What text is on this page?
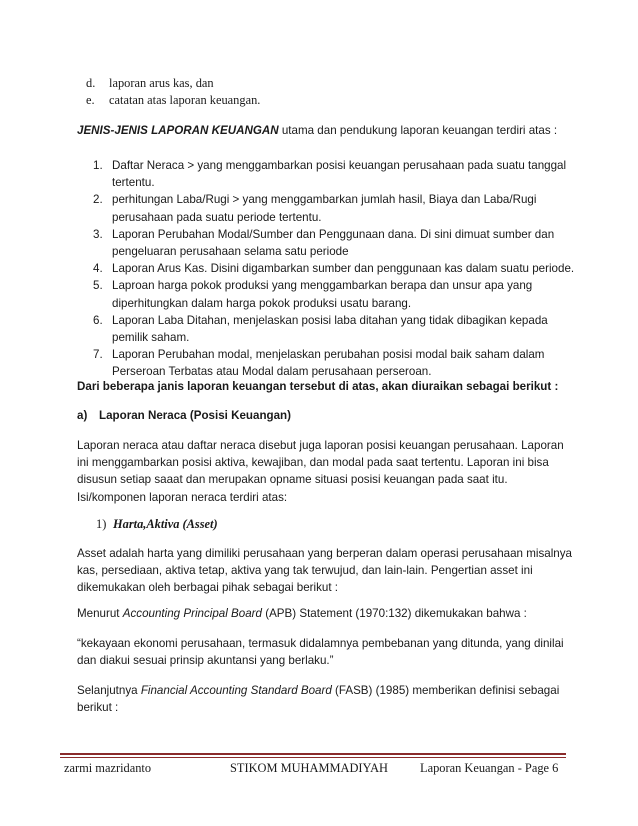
d. laporan arus kas, dan
e. catatan atas laporan keuangan.
JENIS-JENIS LAPORAN KEUANGAN utama dan pendukung laporan keuangan terdiri atas :
1. Daftar Neraca > yang menggambarkan posisi keuangan perusahaan pada suatu tanggal
tertentu.
2. perhitungan Laba/Rugi > yang menggambarkan jumlah hasil, Biaya dan Laba/Rugi
perusahaan pada suatu periode tertentu.
3. Laporan Perubahan Modal/Sumber dan Penggunaan dana. Di sini dimuat sumber dan
pengeluaran perusahaan selama satu periode
4. Laporan Arus Kas. Disini digambarkan sumber dan penggunaan kas dalam suatu periode.
5. Laproan harga pokok produksi yang menggambarkan berapa dan unsur apa yang
diperhitungkan dalam harga pokok produksi usatu barang.
6. Laporan Laba Ditahan, menjelaskan posisi laba ditahan yang tidak dibagikan kepada
pemilik saham.
7. Laporan Perubahan modal, menjelaskan perubahan posisi modal baik saham dalam
Perseroan Terbatas atau Modal dalam perusahaan perseroan.
Dari beberapa janis laporan keuangan tersebut di atas, akan diuraikan sebagai berikut :
a) Laporan Neraca (Posisi Keuangan)
Laporan neraca atau daftar neraca disebut juga laporan posisi keuangan perusahaan. Laporan
ini menggambarkan posisi aktiva, kewajiban, dan modal pada saat tertentu. Laporan ini bisa
disusun setiap saaat dan merupakan opname situasi posisi keuangan pada saat itu.
Isi/komponen laporan neraca terdiri atas:
1) Harta,Aktiva (Asset)
Asset adalah harta yang dimiliki perusahaan yang berperan dalam operasi perusahaan misalnya
kas, persediaan, aktiva tetap, aktiva yang tak terwujud, dan lain-lain. Pengertian asset ini
dikemukakan oleh berbagai pihak sebagai berikut :
Menurut Accounting Principal Board (APB) Statement (1970:132) dikemukakan bahwa :
“kekayaan ekonomi perusahaan, termasuk didalamnya pembebanan yang ditunda, yang dinilai
dan diakui sesuai prinsip akuntansi yang berlaku.”
Selanjutnya Financial Accounting Standard Board (FASB) (1985) memberikan definisi sebagai
berikut :
zarmi mazridanto	STIKOM MUHAMMADIYAH	Laporan Keuangan - Page 6
